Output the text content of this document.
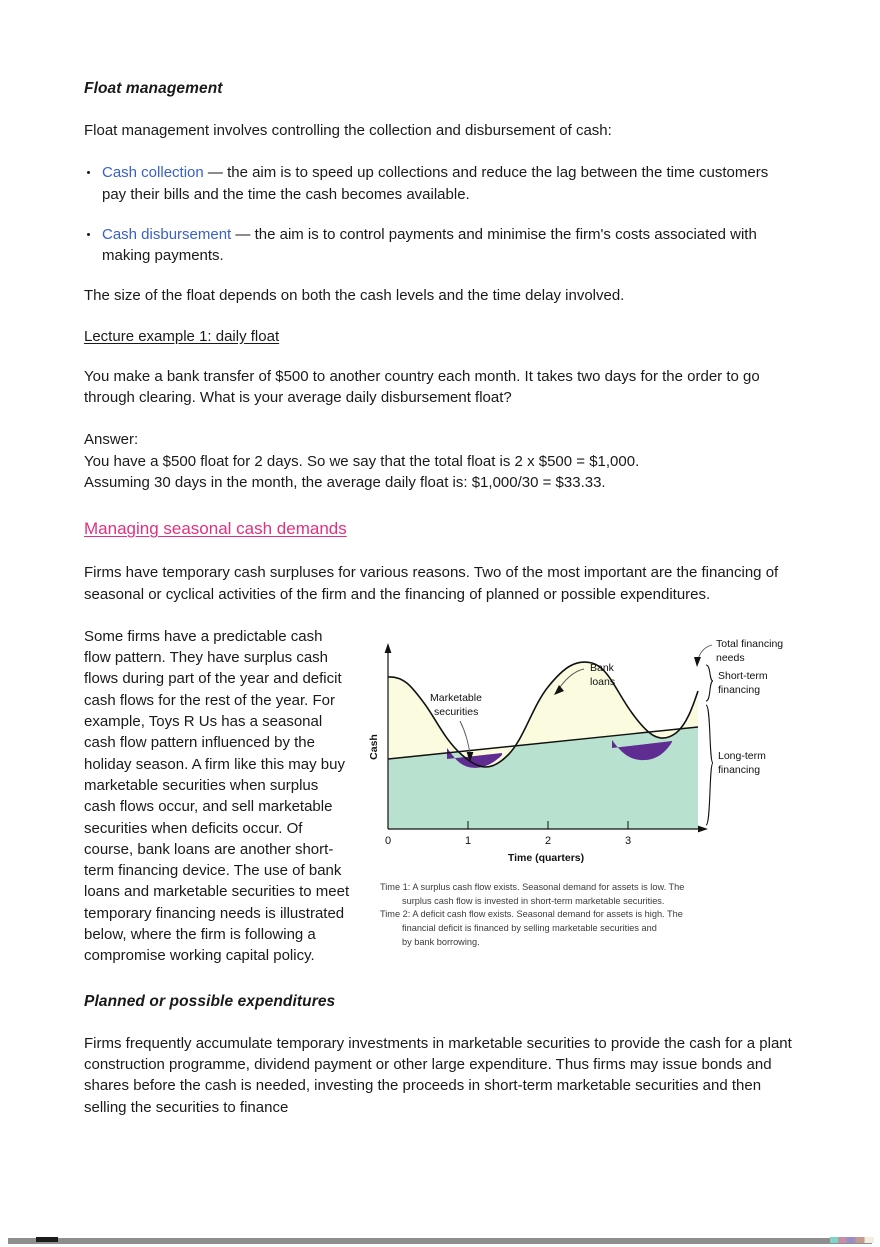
Float management

Float management involves controlling the collection and disbursement of cash:

Cash collection — the aim is to speed up collections and reduce the lag between the time customers pay their bills and the time the cash becomes available.
Cash disbursement — the aim is to control payments and minimise the firm's costs associated with making payments.

The size of the float depends on both the cash levels and the time delay involved.

Lecture example 1: daily float

You make a bank transfer of $500 to another country each month. It takes two days for the order to go through clearing. What is your average daily disbursement float?

Answer:
You have a $500 float for 2 days. So we say that the total float is 2 x $500 = $1,000.
Assuming 30 days in the month, the average daily float is: $1,000/30 = $33.33.
Managing seasonal cash demands

Firms have temporary cash surpluses for various reasons. Two of the most important are the financing of seasonal or cyclical activities of the firm and the financing of planned or possible expenditures.

0	1	2	3
Time (quarters)
Cash
Marketable
securities
Bank
loans
Total financing
needs
Short-term
financing
Long-term
financing
Time 1: A surplus cash flow exists. Seasonal demand for assets is low. The
surplus cash flow is invested in short-term marketable securities.
Time 2: A deficit cash flow exists. Seasonal demand for assets is high. The
financial deficit is financed by selling marketable securities and
by bank borrowing.

Some firms have a predictable cash flow pattern. They have surplus cash flows during part of the year and deficit cash flows for the rest of the year. For example, Toys R Us has a seasonal cash flow pattern influenced by the holiday season. A firm like this may buy marketable securities when surplus cash flows occur, and sell marketable securities when deficits occur. Of course, bank loans are another short-term financing device. The use of bank loans and marketable securities to meet temporary financing needs is illustrated below, where the firm is following a compromise working capital policy.

Planned or possible expenditures

Firms frequently accumulate temporary investments in marketable securities to provide the cash for a plant construction programme, dividend payment or other large expenditure. Thus firms may issue bonds and shares before the cash is needed, investing the proceeds in short-term marketable securities and then selling the securities to finance
